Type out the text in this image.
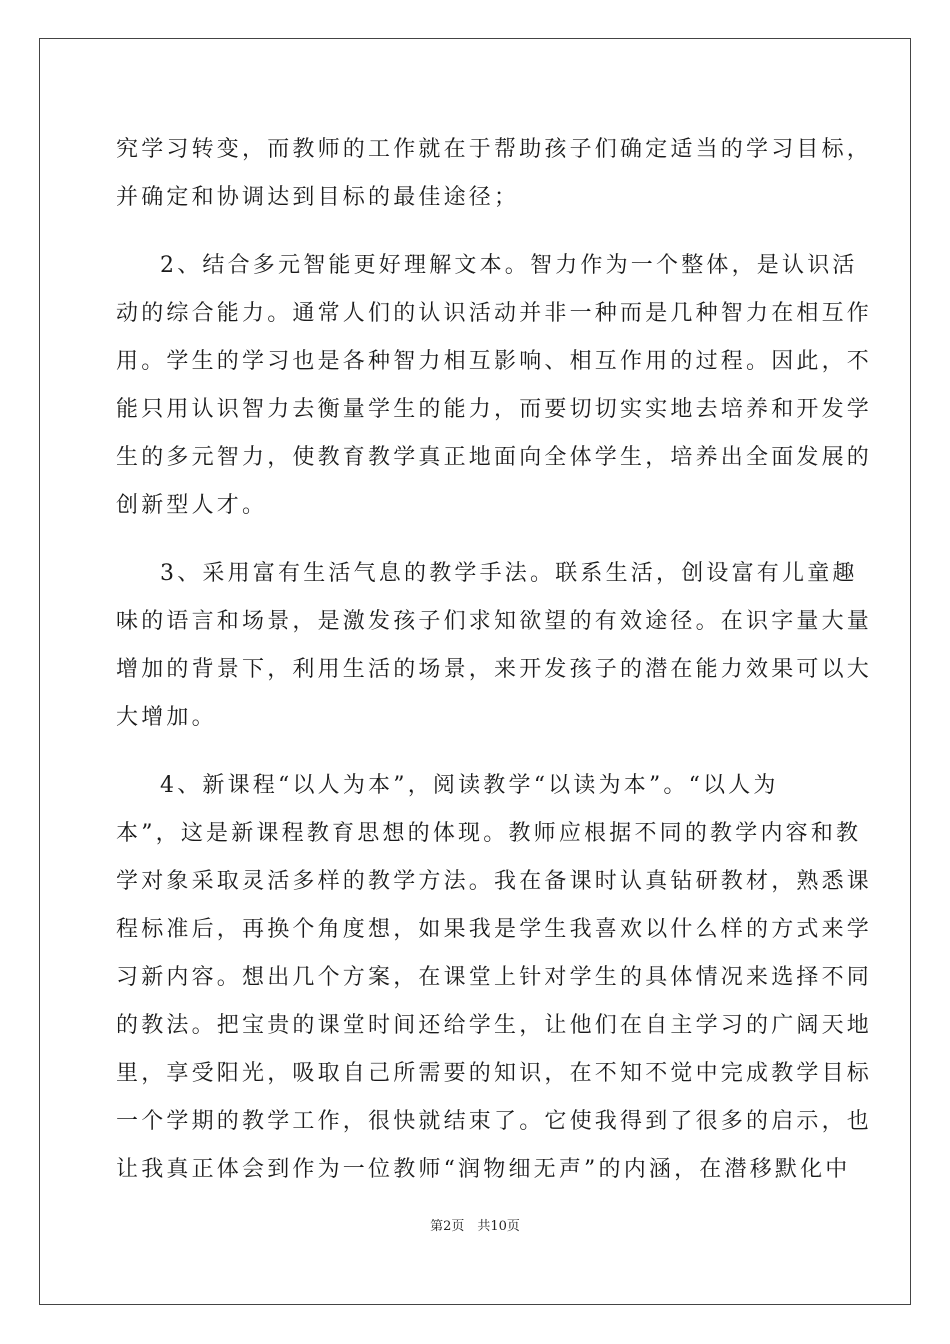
究学习转变，而教师的工作就在于帮助孩子们确定适当的学习目标，
并确定和协调达到目标的最佳途径；
2、结合多元智能更好理解文本。智力作为一个整体，是认识活
动的综合能力。通常人们的认识活动并非一种而是几种智力在相互作
用。学生的学习也是各种智力相互影响、相互作用的过程。因此，不
能只用认识智力去衡量学生的能力，而要切切实实地去培养和开发学
生的多元智力，使教育教学真正地面向全体学生，培养出全面发展的
创新型人才。
3、采用富有生活气息的教学手法。联系生活，创设富有儿童趣
味的语言和场景，是激发孩子们求知欲望的有效途径。在识字量大量
增加的背景下，利用生活的场景，来开发孩子的潜在能力效果可以大
大增加。
4、新课程“以人为本”，阅读教学“以读为本”。“以人为
本”，这是新课程教育思想的体现。教师应根据不同的教学内容和教
学对象采取灵活多样的教学方法。我在备课时认真钻研教材，熟悉课
程标准后，再换个角度想，如果我是学生我喜欢以什么样的方式来学
习新内容。想出几个方案，在课堂上针对学生的具体情况来选择不同
的教法。把宝贵的课堂时间还给学生，让他们在自主学习的广阔天地
里，享受阳光，吸取自己所需要的知识，在不知不觉中完成教学目标
一个学期的教学工作，很快就结束了。它使我得到了很多的启示，也
让我真正体会到作为一位教师“润物细无声”的内涵，在潜移默化中
第2页　共10页
